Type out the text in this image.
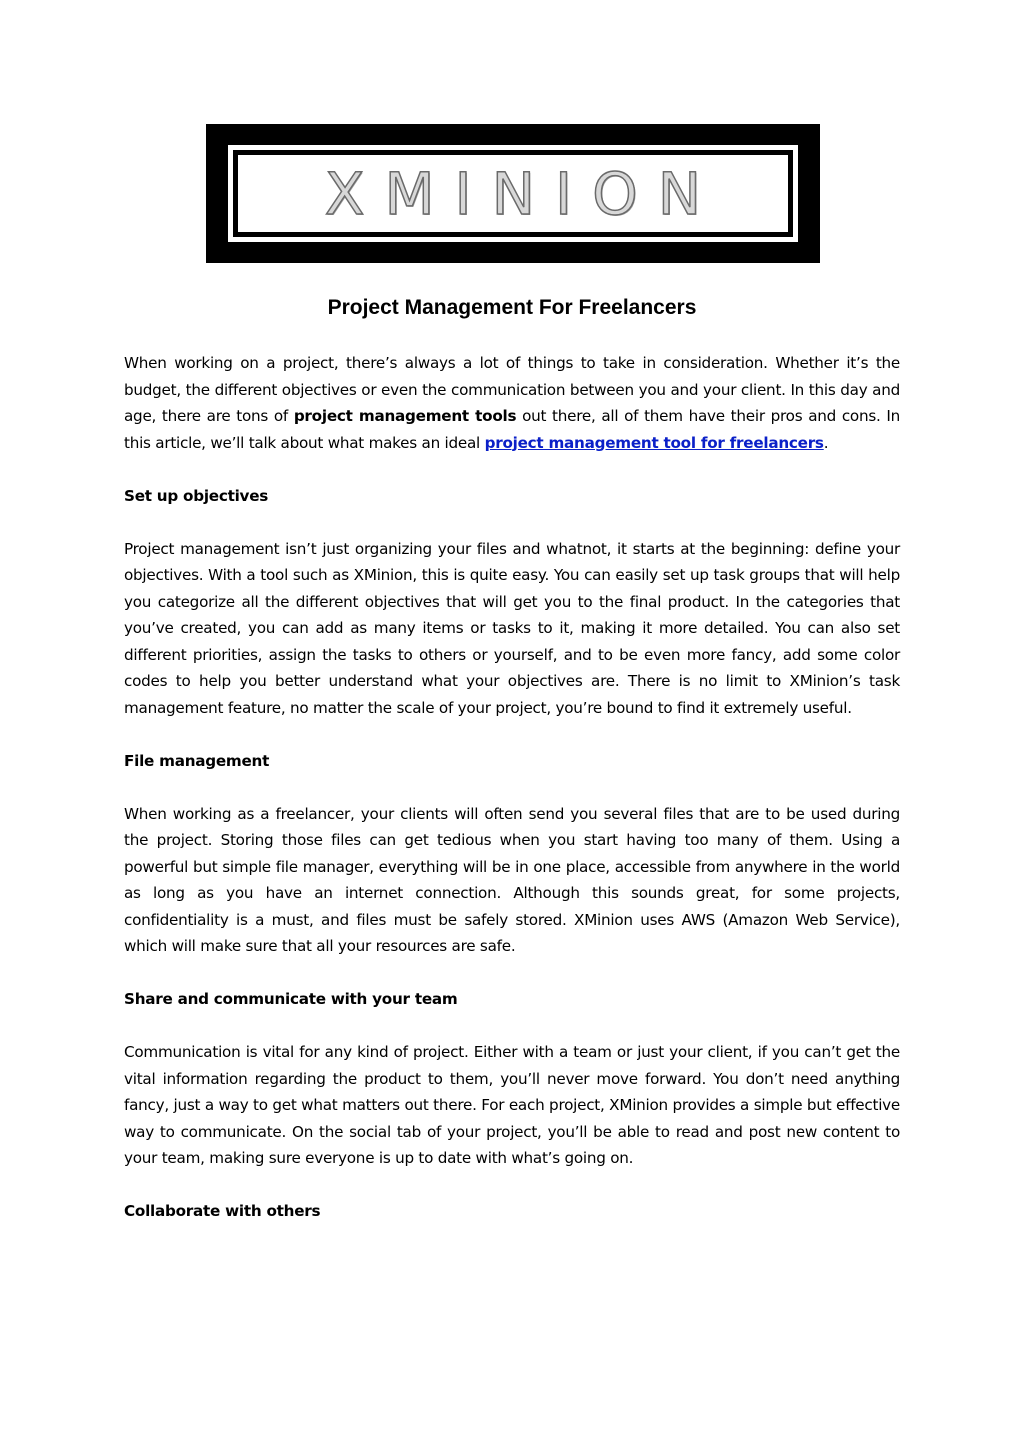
XMINION
Project Management For Freelancers

When working on a project, there’s always a lot of things to take in consideration. Whether it’s the budget, the different objectives or even the communication between you and your client. In this day and age, there are tons of project management tools out there, all of them have their pros and cons. In this article, we’ll talk about what makes an ideal project management tool for freelancers.

Set up objectives

Project management isn’t just organizing your files and whatnot, it starts at the beginning: define your objectives. With a tool such as XMinion, this is quite easy. You can easily set up task groups that will help you categorize all the different objectives that will get you to the final product. In the categories that you’ve created, you can add as many items or tasks to it, making it more detailed. You can also set different priorities, assign the tasks to others or yourself, and to be even more fancy, add some color codes to help you better understand what your objectives are. There is no limit to XMinion’s task management feature, no matter the scale of your project, you’re bound to find it extremely useful.

File management

When working as a freelancer, your clients will often send you several files that are to be used during the project. Storing those files can get tedious when you start having too many of them. Using a powerful but simple file manager, everything will be in one place, accessible from anywhere in the world as long as you have an internet connection. Although this sounds great, for some projects, confidentiality is a must, and files must be safely stored. XMinion uses AWS (Amazon Web Service), which will make sure that all your resources are safe.

Share and communicate with your team

Communication is vital for any kind of project. Either with a team or just your client, if you can’t get the vital information regarding the product to them, you’ll never move forward. You don’t need anything fancy, just a way to get what matters out there. For each project, XMinion provides a simple but effective way to communicate. On the social tab of your project, you’ll be able to read and post new content to your team, making sure everyone is up to date with what’s going on.

Collaborate with others
